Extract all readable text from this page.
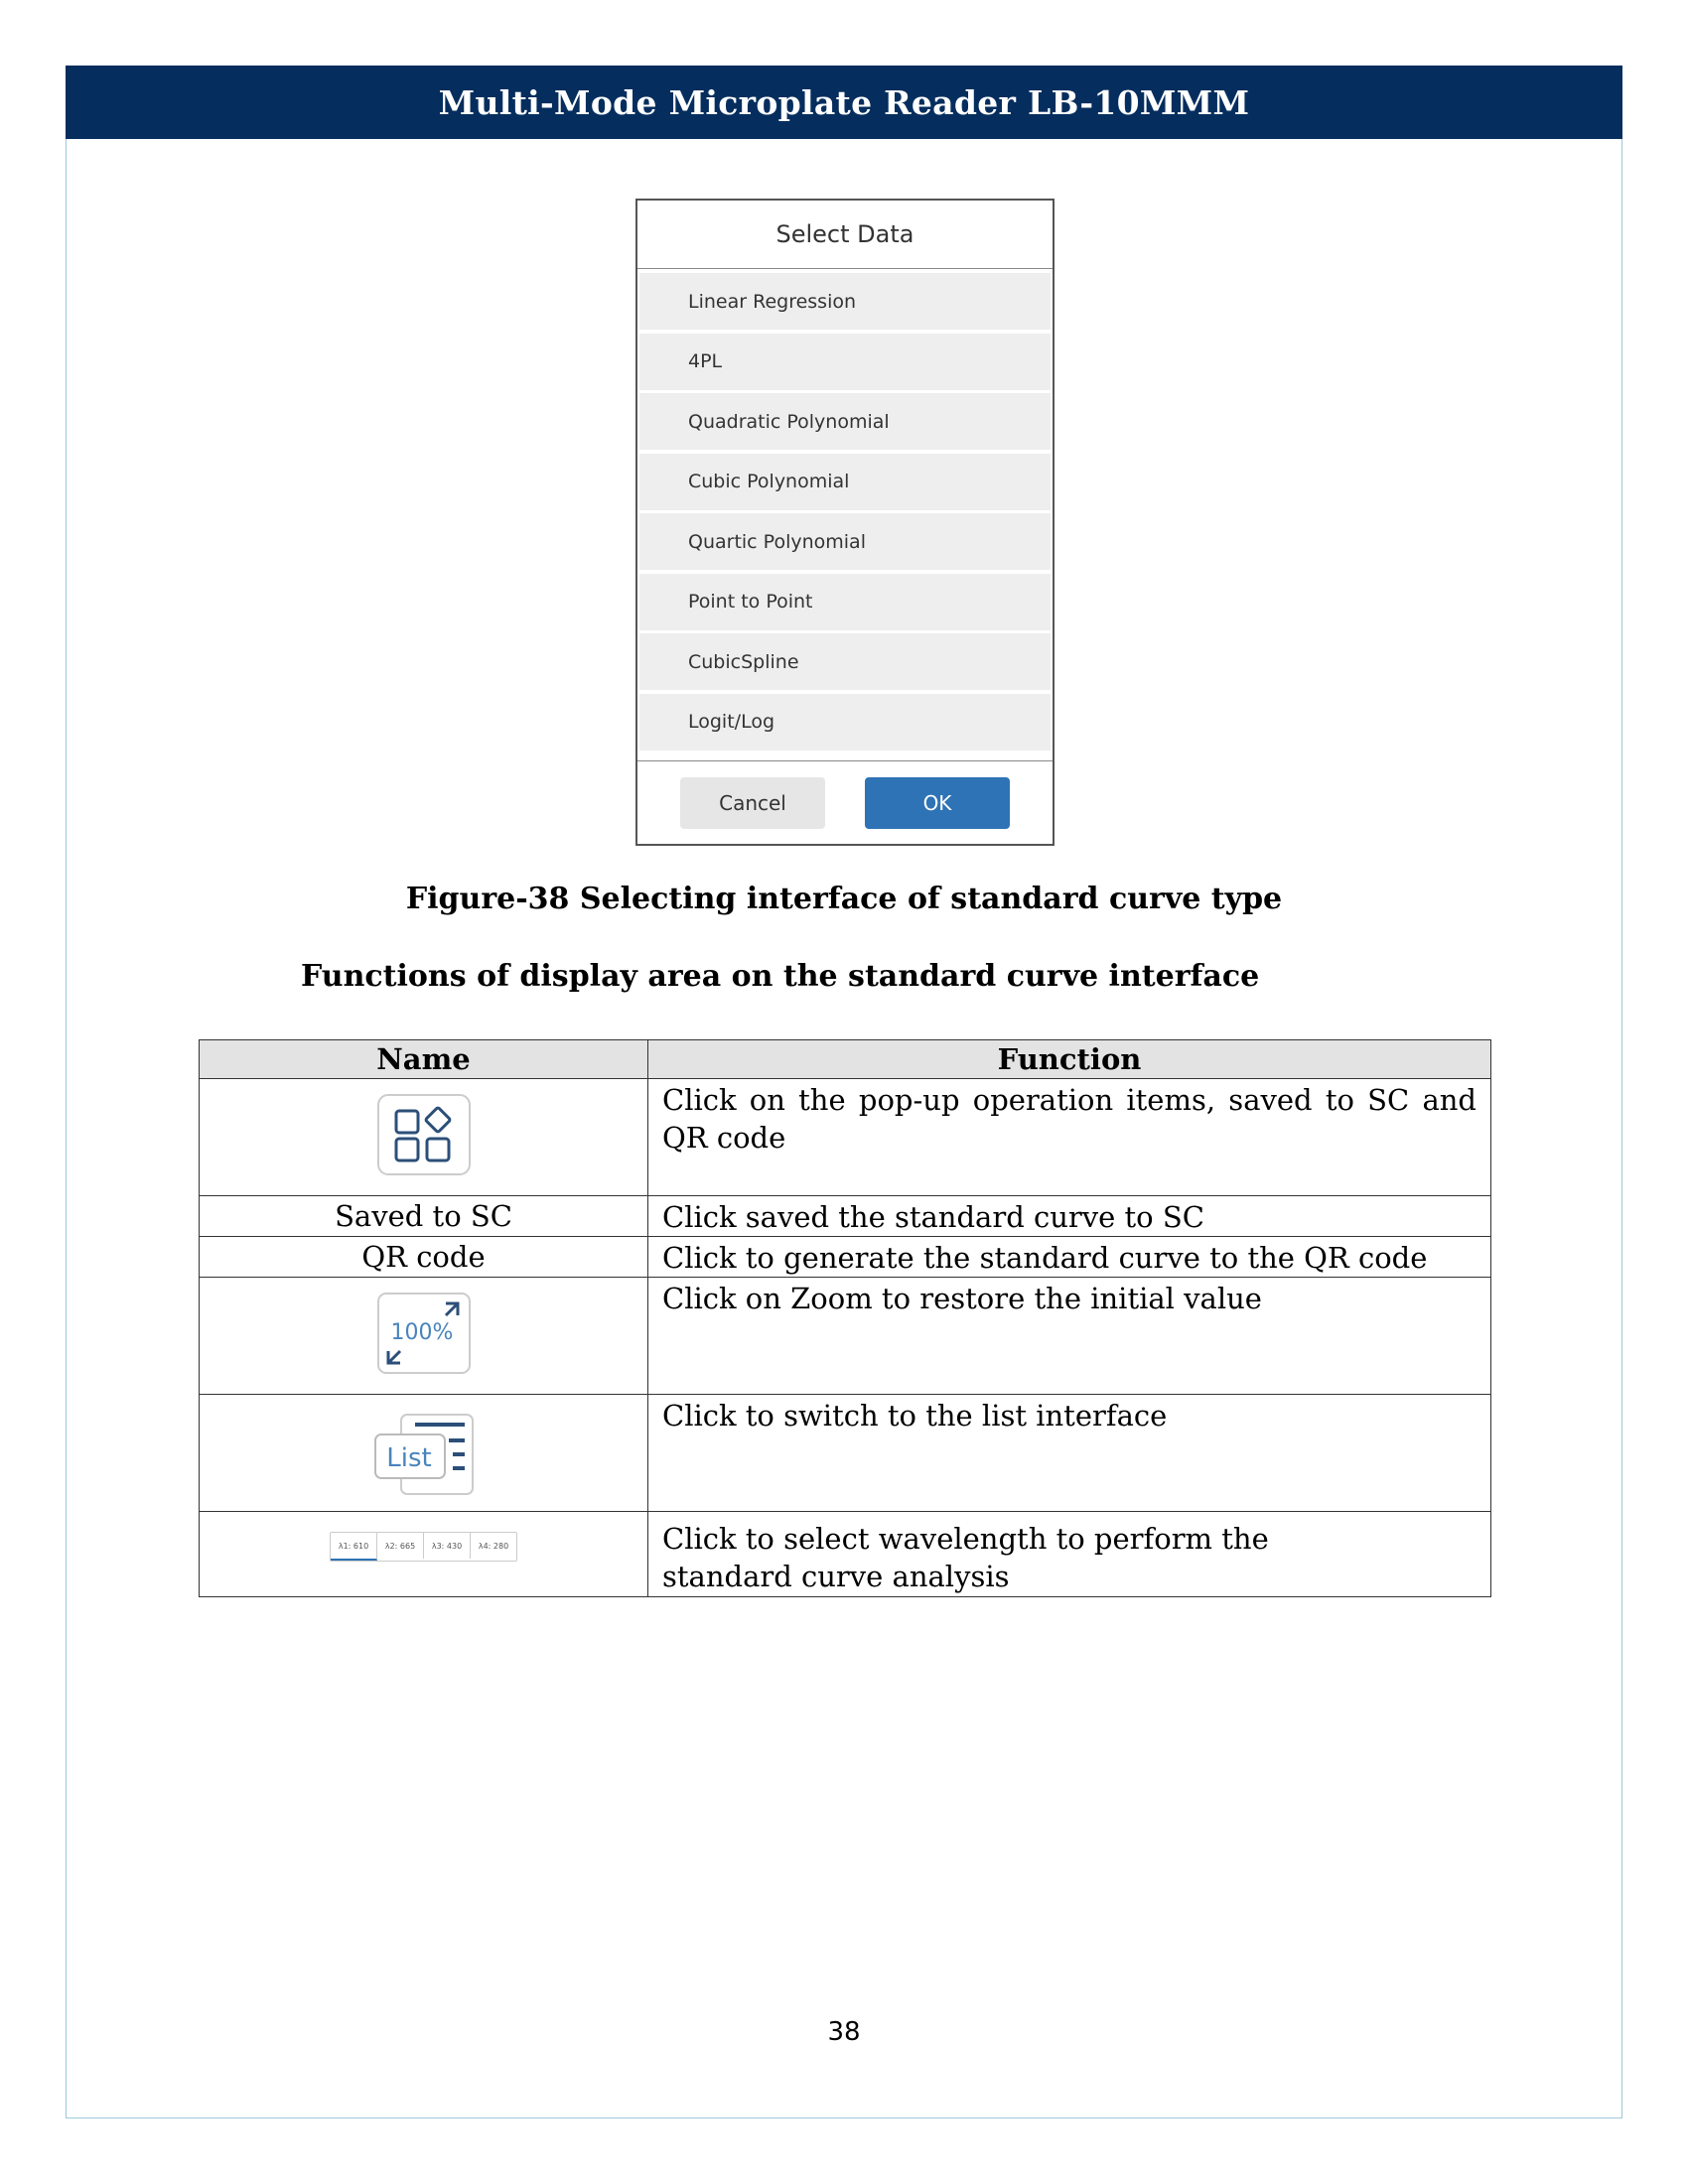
Multi-Mode Microplate Reader LB-10MMM
Select Data
Linear Regression
4PL
Quadratic Polynomial
Cubic Polynomial
Quartic Polynomial
Point to Point
CubicSpline
Logit/Log
Cancel	OK
Figure-38 Selecting interface of standard curve type
Functions of display area on the standard curve interface
Name	Function
	Click on the pop-up operation items, saved to SC and QR code
Saved to SC	Click saved the standard curve to SC
QR code	Click to generate the standard curve to the QR code

100%	Click on Zoom to restore the initial value

List	Click to switch to the list interface

λ1: 610 λ2: 665 λ3: 430 λ4: 280	Click to select wavelength to perform the standard curve analysis
38
